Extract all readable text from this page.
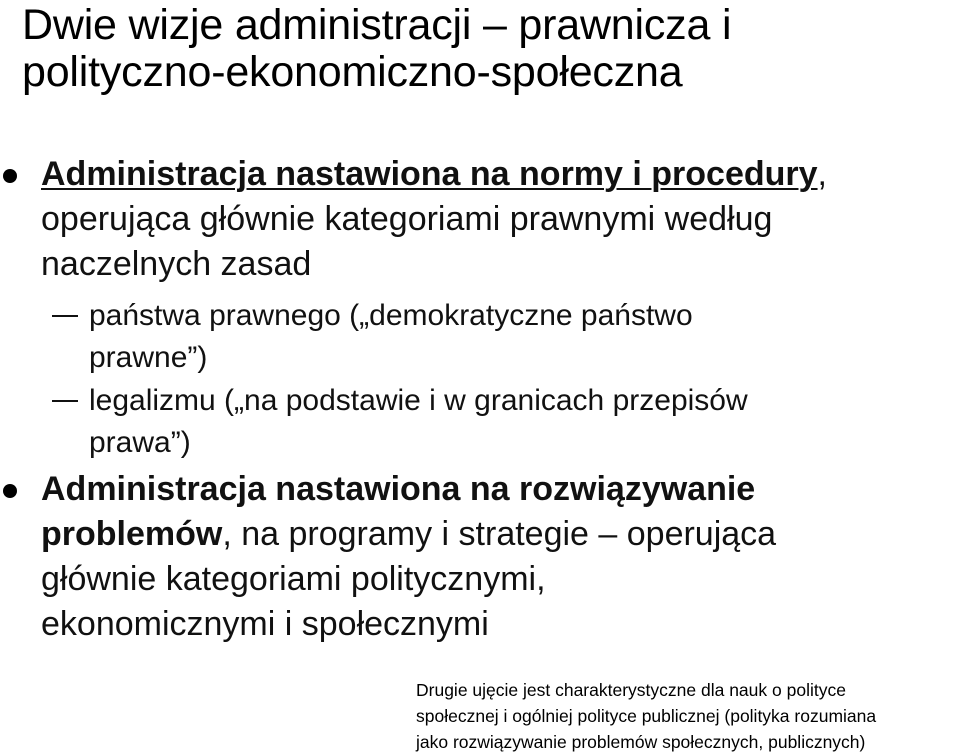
Dwie wizje administracji – prawnicza i
polityczno-ekonomiczno-społeczna
Administracja nastawiona na normy i procedury,
operująca głównie kategoriami prawnymi według
naczelnych zasad
państwa prawnego („demokratyczne państwo
prawne”)
legalizmu („na podstawie i w granicach przepisów
prawa”)
Administracja nastawiona na rozwiązywanie
problemów, na programy i strategie – operująca
głównie kategoriami politycznymi,
ekonomicznymi i społecznymi
Drugie ujęcie jest charakterystyczne dla nauk o polityce
społecznej i ogólniej polityce publicznej (polityka rozumiana
jako rozwiązywanie problemów społecznych, publicznych)
